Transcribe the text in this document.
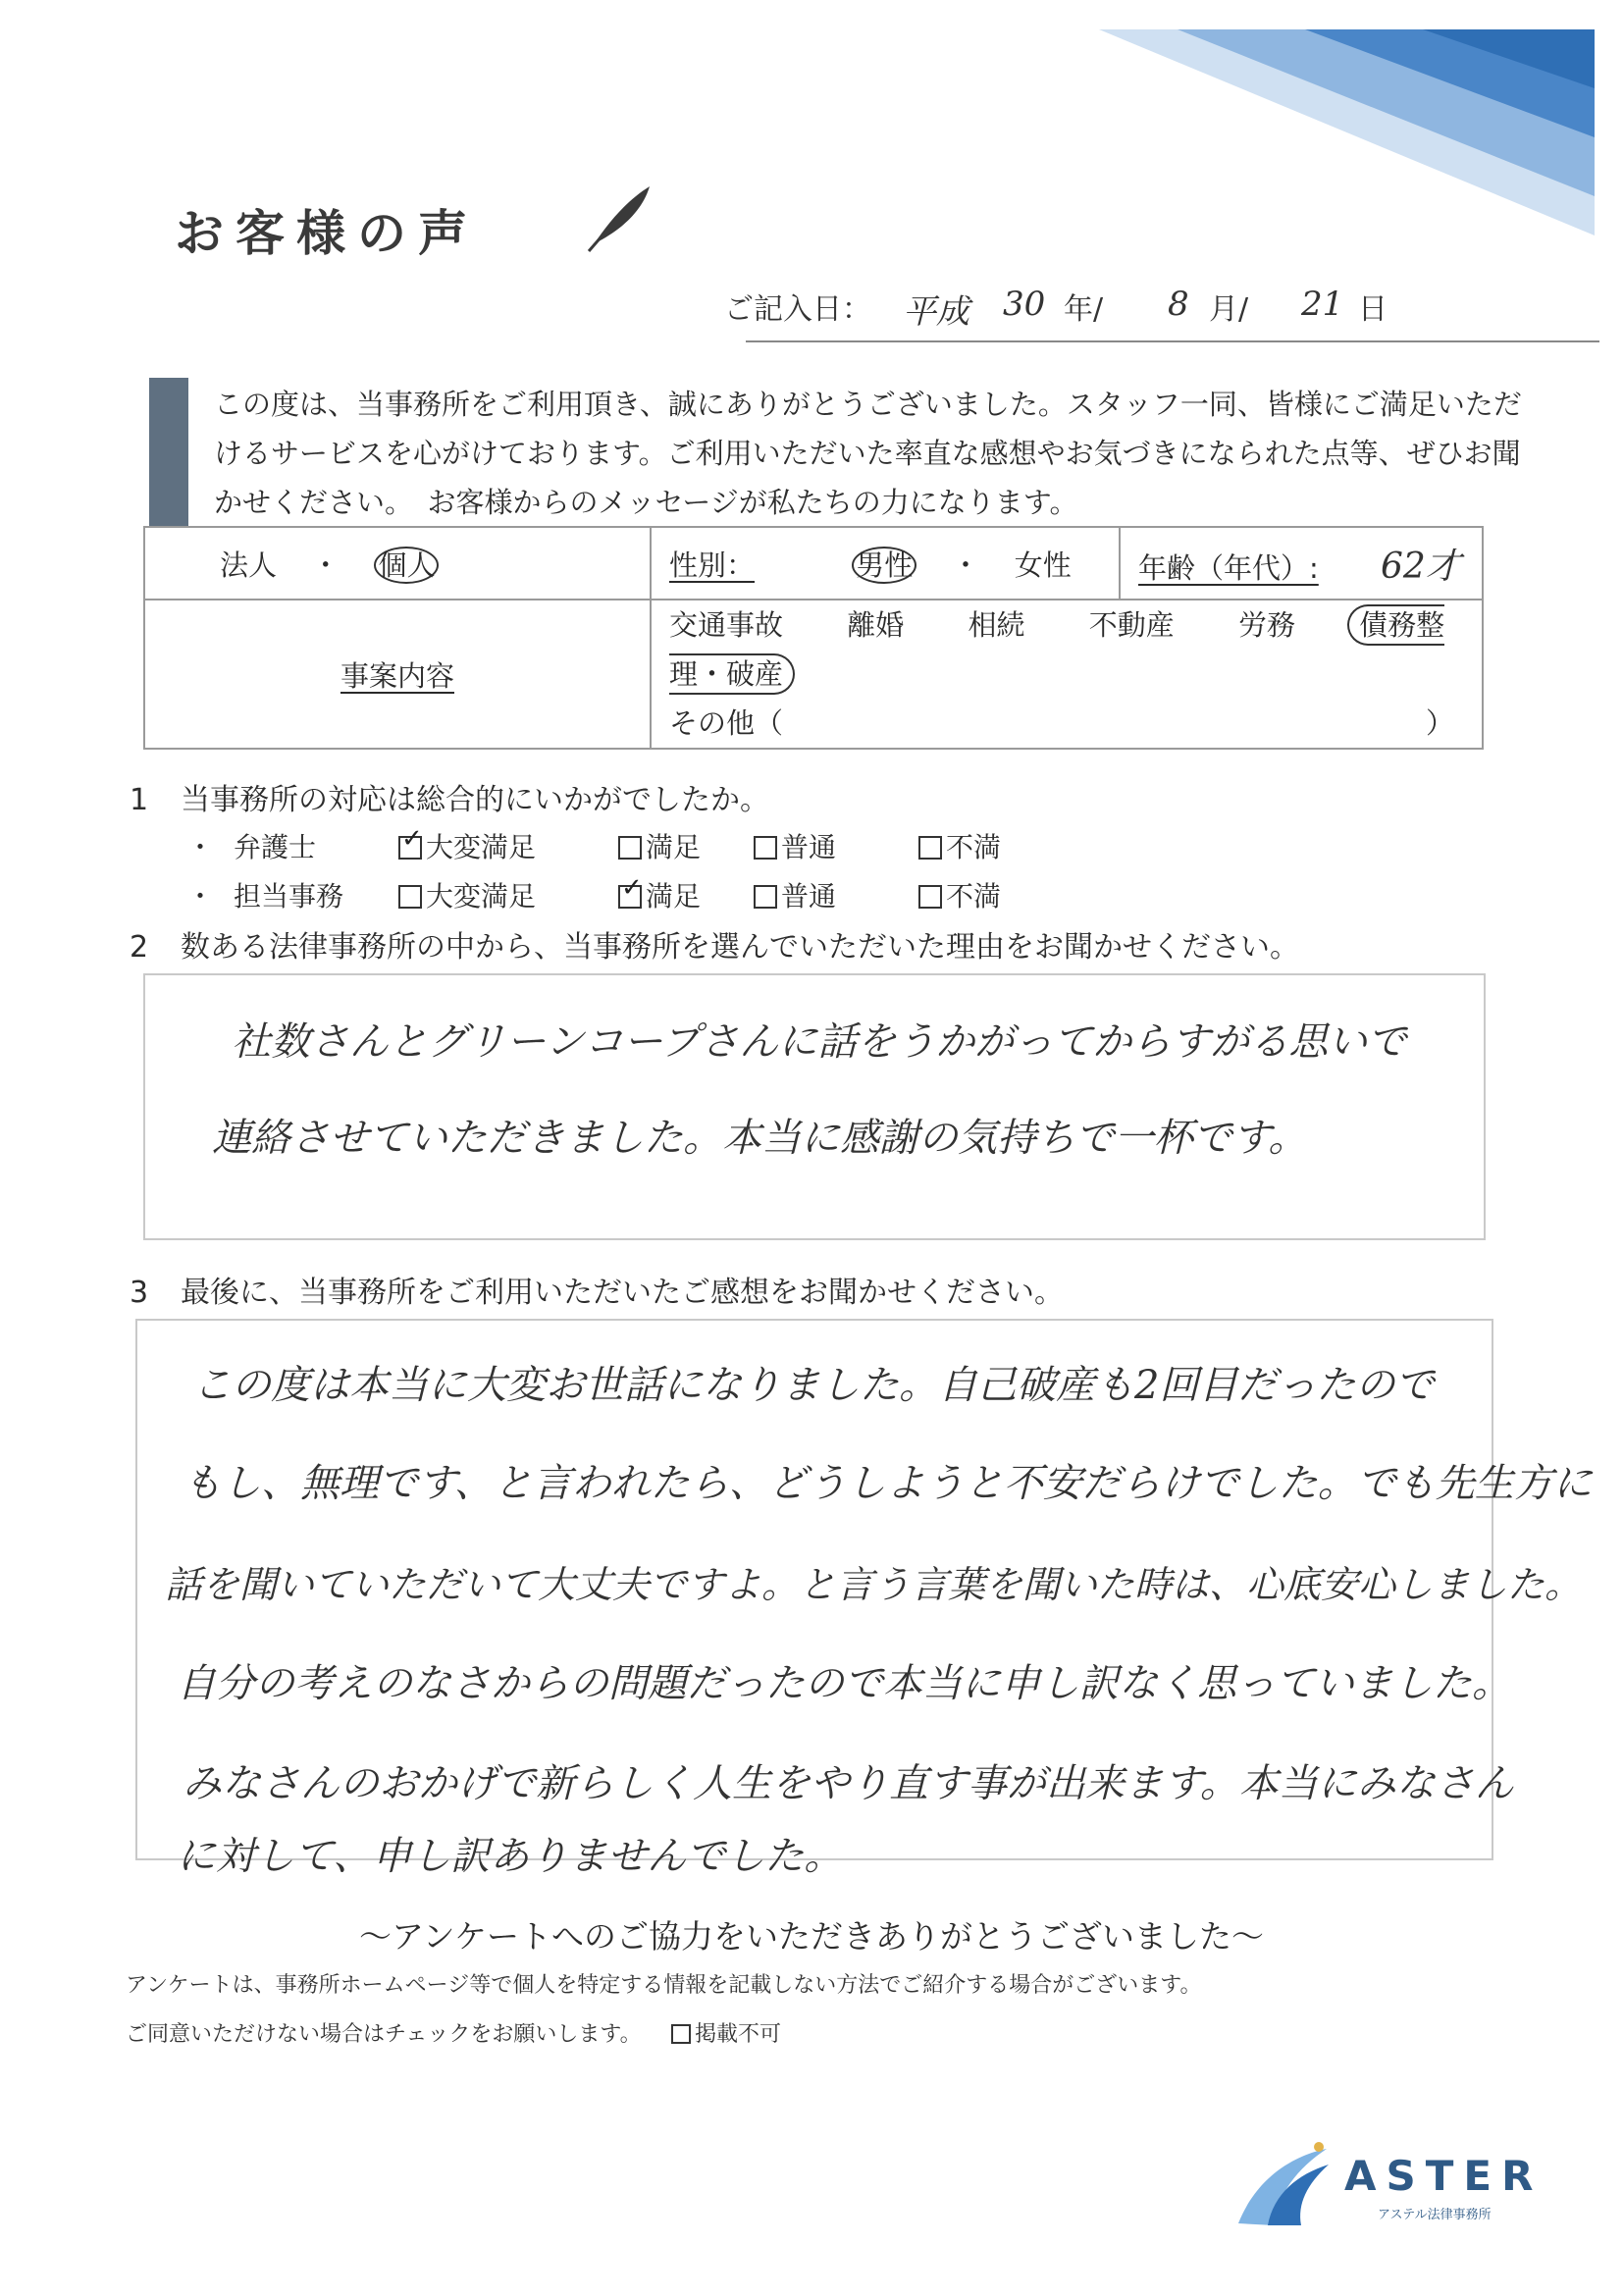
お客様の声
ご記入日： 平成 30 年/ 8 月/ 21 日
この度は、当事務所をご利用頂き、誠にありがとうございました。スタッフ一同、皆様にご満足いただけるサービスを心がけております。ご利用いただいた率直な感想やお気づきになられた点等、ぜひお聞かせください。　お客様からのメッセージが私たちの力になります。
法人 ・ 個人	性別： 男性 ・ 女性	年齢（年代）: 62才
事案内容	交通事故 離婚 相続 不動産 労務 債務整理・破産
その他（ ）	
1 当事務所の対応は総合的にいかがでしたか。
・ 弁護士 ✓	大変満足	満足	普通	不満
・ 担当事務	大変満足 ✓	満足	普通	不満
2 数ある法律事務所の中から、当事務所を選んでいただいた理由をお聞かせください。
社数さんとグリーンコープさんに話をうかがってからすがる思いで
連絡させていただきました。本当に感謝の気持ちで一杯です。
3 最後に、当事務所をご利用いただいたご感想をお聞かせください。
この度は本当に大変お世話になりました。自己破産も2回目だったので
もし、無理です、と言われたら、どうしようと不安だらけでした。でも先生方に
話を聞いていただいて大丈夫ですよ。と言う言葉を聞いた時は、心底安心しました。
自分の考えのなさからの問題だったので本当に申し訳なく思っていました。
みなさんのおかげで新らしく人生をやり直す事が出来ます。本当にみなさん
に対して、申し訳ありませんでした。
～アンケートへのご協力をいただきありがとうございました～
アンケートは、事務所ホームページ等で個人を特定する情報を記載しない方法でご紹介する場合がございます。
ご同意いただけない場合はチェックをお願いします。	掲載不可
ASTER
アステル法律事務所
